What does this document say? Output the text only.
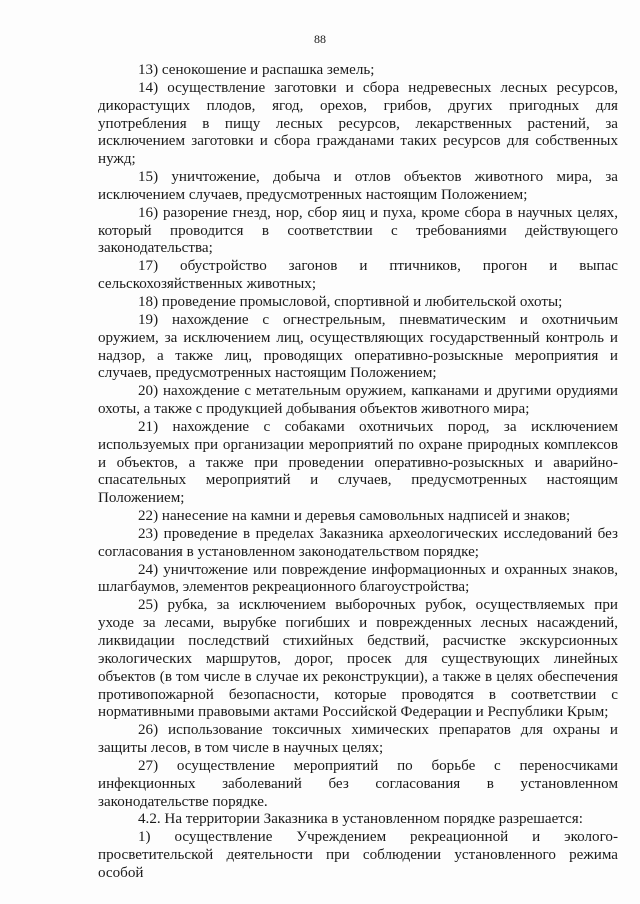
88

13) сенокошение и распашка земель;

14) осуществление заготовки и сбора недревесных лесных ресурсов, дикорастущих плодов, ягод, орехов, грибов, других пригодных для употребления в пищу лесных ресурсов, лекарственных растений, за исключением заготовки и сбора гражданами таких ресурсов для собственных нужд;

15) уничтожение, добыча и отлов объектов животного мира, за исключением случаев, предусмотренных настоящим Положением;

16) разорение гнезд, нор, сбор яиц и пуха, кроме сбора в научных целях, который проводится в соответствии с требованиями действующего законодательства;

17) обустройство загонов и птичников, прогон и выпас сельскохозяйственных животных;

18) проведение промысловой, спортивной и любительской охоты;

19) нахождение с огнестрельным, пневматическим и охотничьим оружием, за исключением лиц, осуществляющих государственный контроль и надзор, а также лиц, проводящих оперативно-розыскные мероприятия и случаев, предусмотренных настоящим Положением;

20) нахождение с метательным оружием, капканами и другими орудиями охоты, а также с продукцией добывания объектов животного мира;

21) нахождение с собаками охотничьих пород, за исключением используемых при организации мероприятий по охране природных комплексов и объектов, а также при проведении оперативно-розыскных и аварийно-спасательных мероприятий и случаев, предусмотренных настоящим Положением;

22) нанесение на камни и деревья самовольных надписей и знаков;

23) проведение в пределах Заказника археологических исследований без согласования в установленном законодательством порядке;

24) уничтожение или повреждение информационных и охранных знаков, шлагбаумов, элементов рекреационного благоустройства;

25) рубка, за исключением выборочных рубок, осуществляемых при уходе за лесами, вырубке погибших и поврежденных лесных насаждений, ликвидации последствий стихийных бедствий, расчистке экскурсионных экологических маршрутов, дорог, просек для существующих линейных объектов (в том числе в случае их реконструкции), а также в целях обеспечения противопожарной безопасности, которые проводятся в соответствии с нормативными правовыми актами Российской Федерации и Республики Крым;

26) использование токсичных химических препаратов для охраны и защиты лесов, в том числе в научных целях;

27) осуществление мероприятий по борьбе с переносчиками инфекционных заболеваний без согласования в установленном законодательстве порядке.

4.2. На территории Заказника в установленном порядке разрешается:

1) осуществление Учреждением рекреационной и эколого-просветительской деятельности при соблюдении установленного режима особой
